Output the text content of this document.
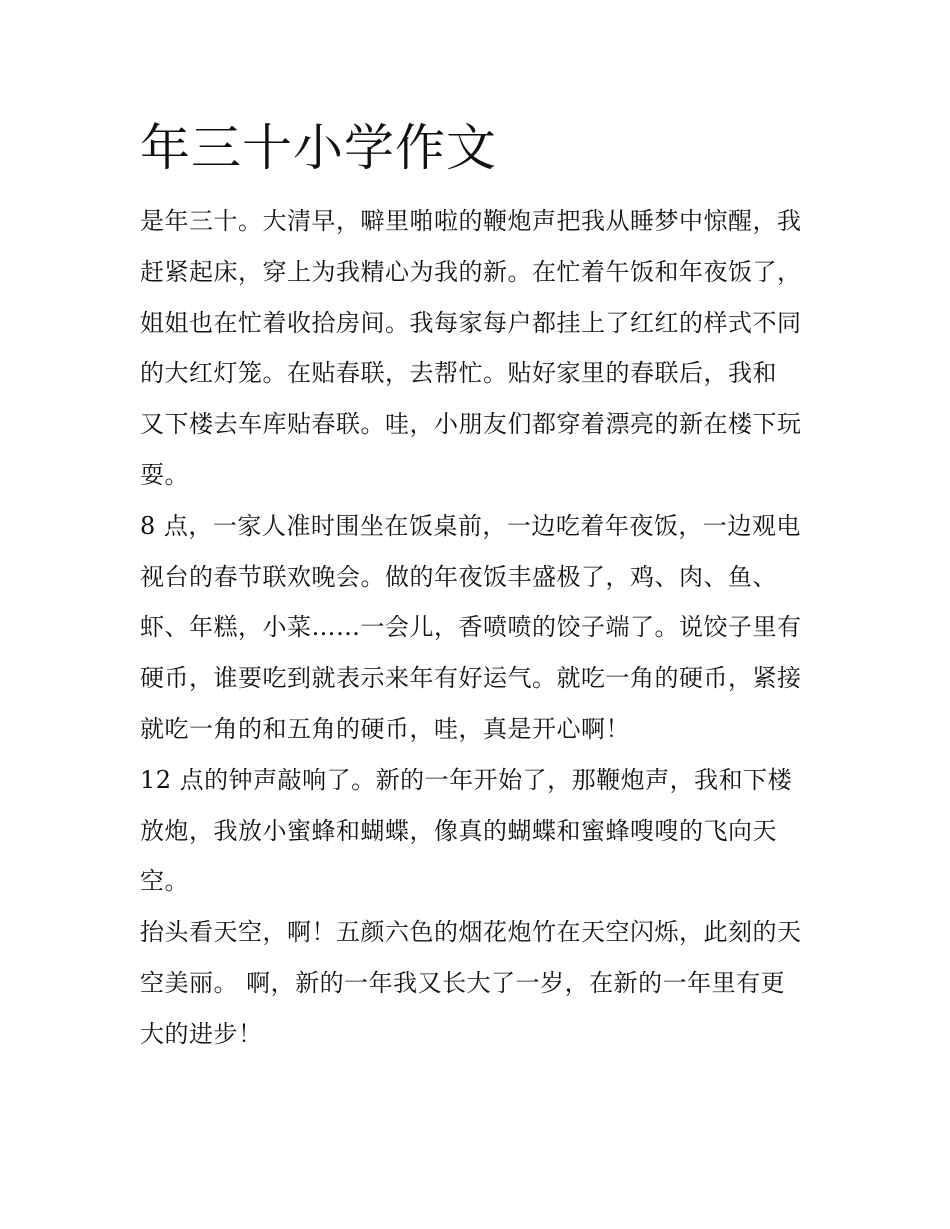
年三十小学作文
是年三十。大清早，噼里啪啦的鞭炮声把我从睡梦中惊醒，我
赶紧起床，穿上为我精心为我的新。在忙着午饭和年夜饭了，
姐姐也在忙着收拾房间。我每家每户都挂上了红红的样式不同
的大红灯笼。在贴春联，去帮忙。贴好家里的春联后，我和
又下楼去车库贴春联。哇，小朋友们都穿着漂亮的新在楼下玩
耍。
8 点，一家人准时围坐在饭桌前，一边吃着年夜饭，一边观电
视台的春节联欢晚会。做的年夜饭丰盛极了，鸡、肉、鱼、
虾、年糕，小菜……一会儿，香喷喷的饺子端了。说饺子里有
硬币，谁要吃到就表示来年有好运气。就吃一角的硬币，紧接
就吃一角的和五角的硬币，哇，真是开心啊！
12 点的钟声敲响了。新的一年开始了，那鞭炮声，我和下楼
放炮，我放小蜜蜂和蝴蝶，像真的蝴蝶和蜜蜂嗖嗖的飞向天
空。
抬头看天空，啊！五颜六色的烟花炮竹在天空闪烁，此刻的天
空美丽。 啊，新的一年我又长大了一岁，在新的一年里有更
大的进步！
